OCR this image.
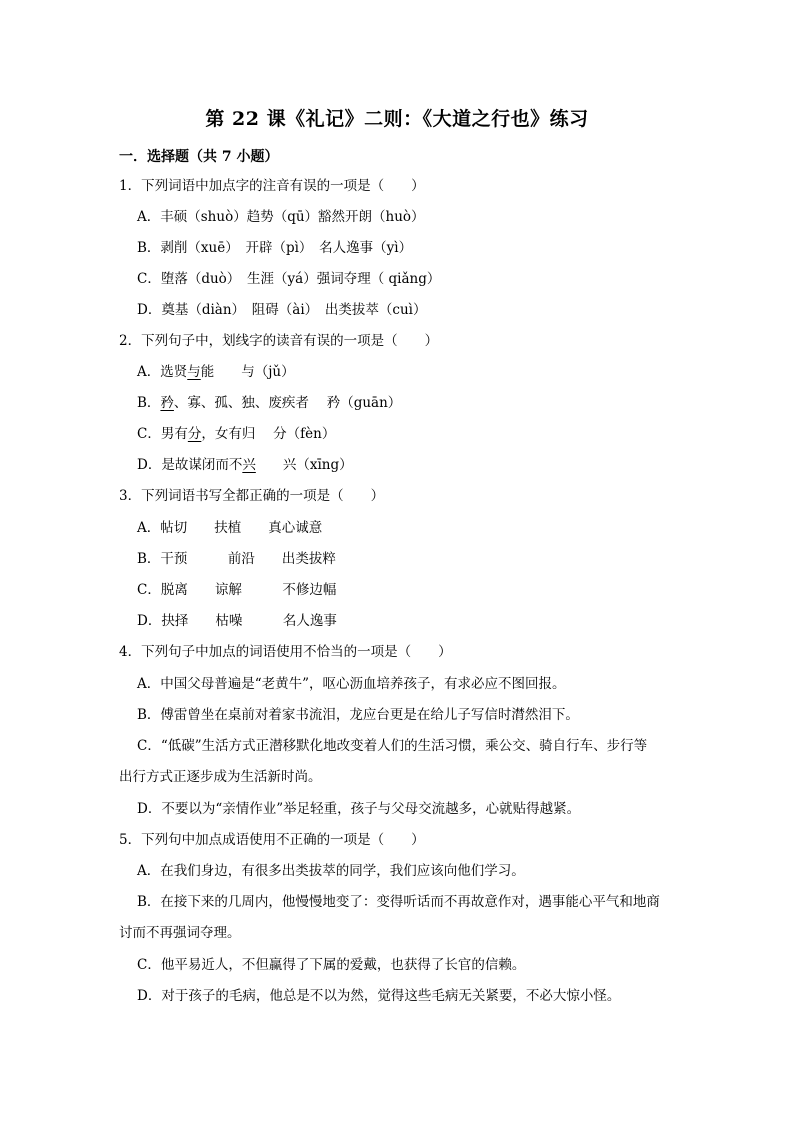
第 22 课《礼记》二则：《大道之行也》练习
一．选择题（共 7 小题）
1．下列词语中加点字的注音有误的一项是（　　）
A．丰硕（shuò）趋势（qū）豁然开朗（huò）
B．剥削（xuē）　开辟（pì）　名人逸事（yì）
C．堕落（duò）　生涯（yá）强词夺理（ qiǎng）
D．奠基（diàn）　阻碍（ài）　出类拔萃（cuì）
2．下列句子中，划线字的读音有误的一项是（　　）
A．选贤与能　　与（jǔ）
B．矜、寡、孤、独、废疾者　 矜（guān）
C．男有分，女有归　 分（fèn）
D．是故谋闭而不兴　　兴（xīng）
3．下列词语书写全都正确的一项是（　　）
A．帖切　　扶植　　真心诚意
B．干预　　　前沿　　出类拔粹
C．脱离　　谅解　　　不修边幅
D．抉择　　枯噪　　　名人逸事
4．下列句子中加点的词语使用不恰当的一项是（　　）
A．中国父母普遍是“老黄牛”，呕心沥血培养孩子，有求必应不图回报。
B．傅雷曾坐在桌前对着家书流泪，龙应台更是在给儿子写信时潸然泪下。
C．“低碳”生活方式正潜移默化地改变着人们的生活习惯，乘公交、骑自行车、步行等
出行方式正逐步成为生活新时尚。
D．不要以为“亲情作业”举足轻重，孩子与父母交流越多，心就贴得越紧。
5．下列句中加点成语使用不正确的一项是（　　）
A．在我们身边，有很多出类拔萃的同学，我们应该向他们学习。
B．在接下来的几周内，他慢慢地变了：变得听话而不再故意作对，遇事能心平气和地商
讨而不再强词夺理。
C．他平易近人，不但赢得了下属的爱戴，也获得了长官的信赖。
D．对于孩子的毛病，他总是不以为然，觉得这些毛病无关紧要，不必大惊小怪。
